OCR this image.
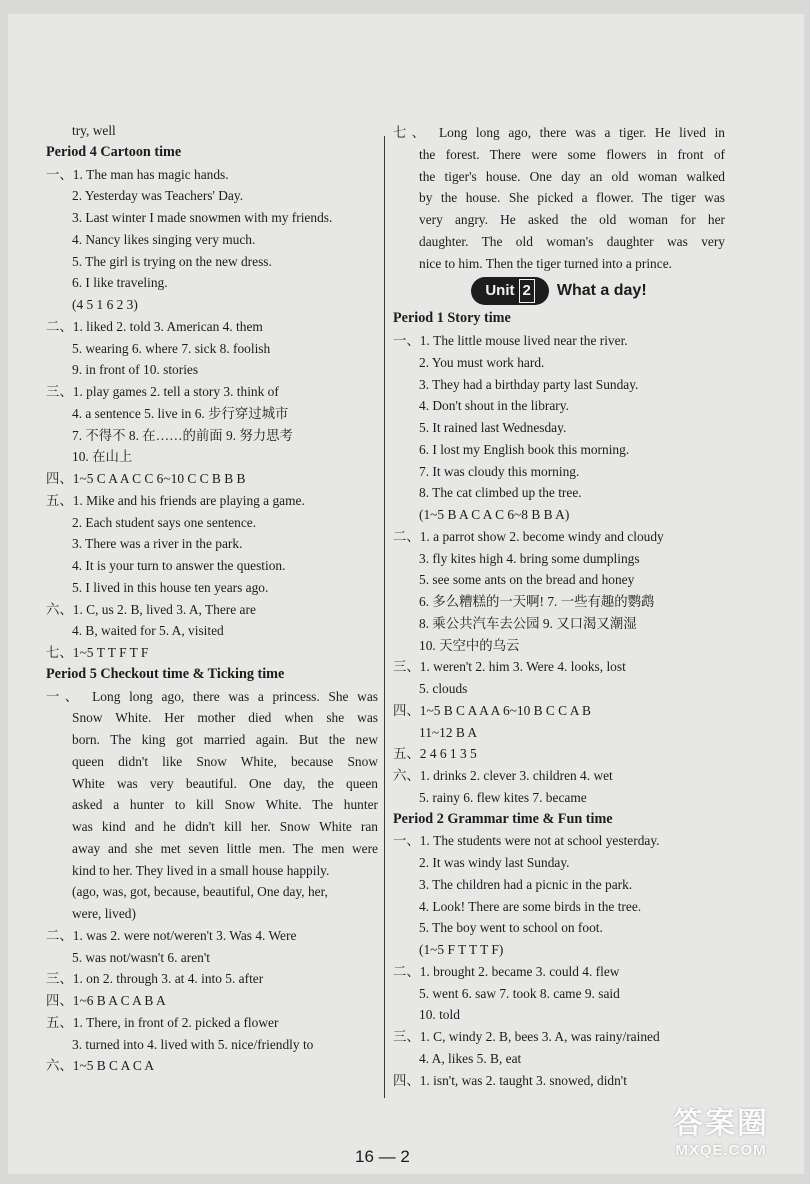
try, well
Period 4 Cartoon time
一、1. The man has magic hands.
2. Yesterday was Teachers' Day.
3. Last winter I made snowmen with my friends.
4. Nancy likes singing very much.
5. The girl is trying on the new dress.
6. I like traveling.
(4 5 1 6 2 3)
二、1. liked 2. told 3. American 4. them
5. wearing 6. where 7. sick 8. foolish
9. in front of 10. stories
三、1. play games 2. tell a story 3. think of
4. a sentence 5. live in 6. 步行穿过城市
7. 不得不 8. 在……的前面 9. 努力思考
10. 在山上
四、1~5 C A A C C 6~10 C C B B B
五、1. Mike and his friends are playing a game.
2. Each student says one sentence.
3. There was a river in the park.
4. It is your turn to answer the question.
5. I lived in this house ten years ago.
六、1. C, us 2. B, lived 3. A, There are
4. B, waited for 5. A, visited
七、1~5 T T F T F
Period 5 Checkout time & Ticking time
一、 Long long ago, there was a princess. She was
Snow White. Her mother died when she was
born. The king got married again. But the new
queen didn't like Snow White, because Snow
White was very beautiful. One day, the queen
asked a hunter to kill Snow White. The hunter
was kind and he didn't kill her. Snow White ran
away and she met seven little men. The men were
kind to her. They lived in a small house happily.
(ago, was, got, because, beautiful, One day, her,
were, lived)
二、1. was 2. were not/weren't 3. Was 4. Were
5. was not/wasn't 6. aren't
三、1. on 2. through 3. at 4. into 5. after
四、1~6 B A C A B A
五、1. There, in front of 2. picked a flower
3. turned into 4. lived with 5. nice/friendly to
六、1~5 B C A C A
七、 Long long ago, there was a tiger. He lived in
the forest. There were some flowers in front of
the tiger's house. One day an old woman walked
by the house. She picked a flower. The tiger was
very angry. He asked the old woman for her
daughter. The old woman's daughter was very
nice to him. Then the tiger turned into a prince.
Unit 2 What a day!
Period 1 Story time
一、1. The little mouse lived near the river.
2. You must work hard.
3. They had a birthday party last Sunday.
4. Don't shout in the library.
5. It rained last Wednesday.
6. I lost my English book this morning.
7. It was cloudy this morning.
8. The cat climbed up the tree.
(1~5 B A C A C 6~8 B B A)
二、1. a parrot show 2. become windy and cloudy
3. fly kites high 4. bring some dumplings
5. see some ants on the bread and honey
6. 多么糟糕的一天啊! 7. 一些有趣的鹦鹉
8. 乘公共汽车去公园 9. 又口渴又潮湿
10. 天空中的乌云
三、1. weren't 2. him 3. Were 4. looks, lost
5. clouds
四、1~5 B C A A A 6~10 B C C A B
11~12 B A
五、2 4 6 1 3 5
六、1. drinks 2. clever 3. children 4. wet
5. rainy 6. flew kites 7. became
Period 2 Grammar time & Fun time
一、1. The students were not at school yesterday.
2. It was windy last Sunday.
3. The children had a picnic in the park.
4. Look! There are some birds in the tree.
5. The boy went to school on foot.
(1~5 F T T T F)
二、1. brought 2. became 3. could 4. flew
5. went 6. saw 7. took 8. came 9. said
10. told
三、1. C, windy 2. B, bees 3. A, was rainy/rained
4. A, likes 5. B, eat
四、1. isn't, was 2. taught 3. snowed, didn't
16 — 2
答案圈
MXQE.COM
